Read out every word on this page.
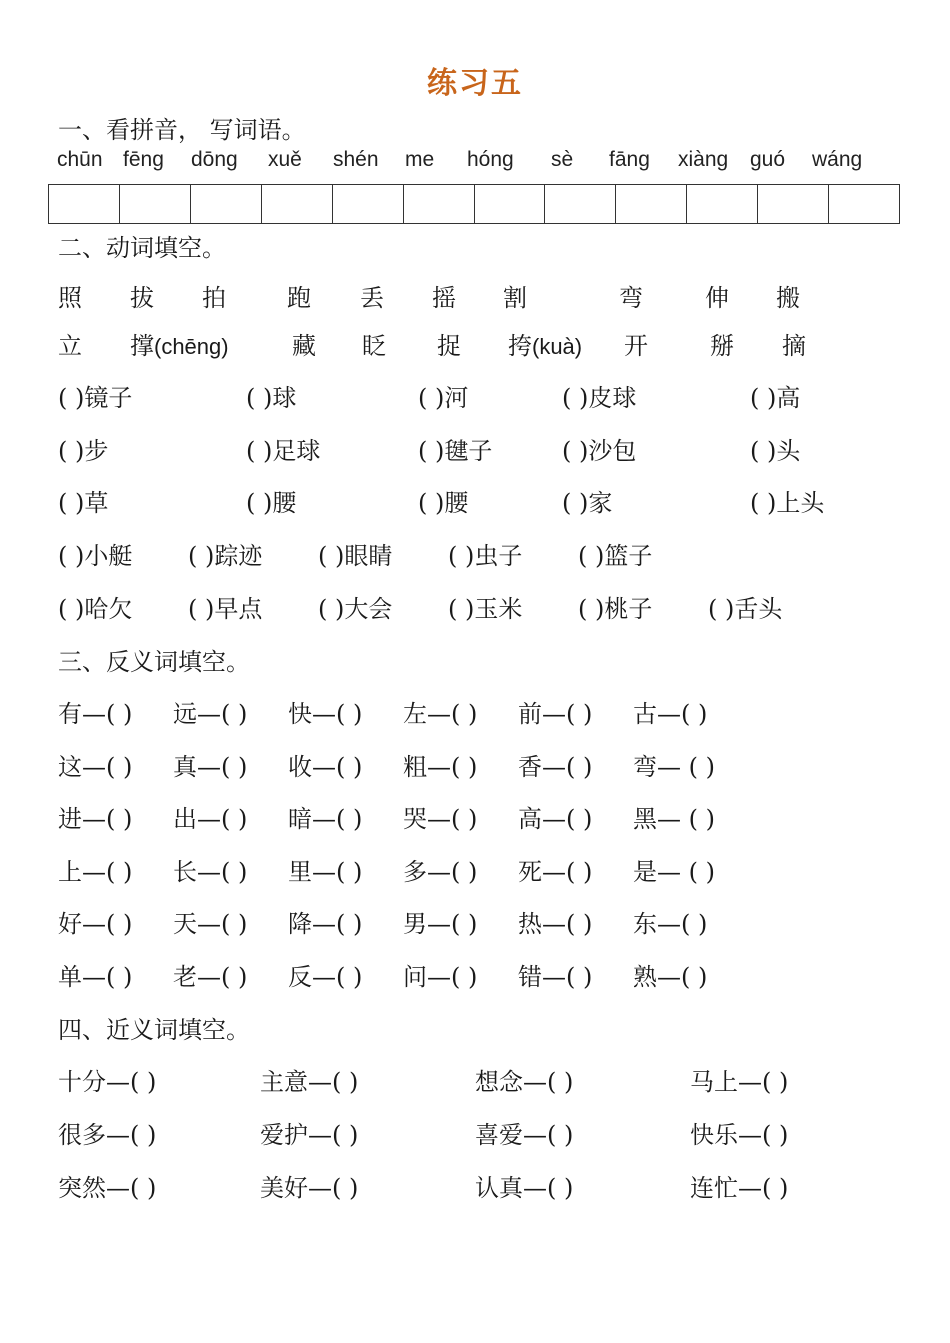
练习五
一、看拼音， 写词语。
chūn fēng dōng xuě shén me hóng sè fāng xiàng guó wáng
二、动词填空。
照 拔 拍	跑 丢 摇 割	弯	伸 搬
立 撑(chēng)	藏 眨 捉 挎(kuà) 开	掰 摘
( )镜子	( )球	( )河	( )皮球	( )高
( )步	( )足球	( )毽子	( )沙包	( )头
( )草	( )腰	( )腰	( )家	( )上头
( )小艇 ( )踪迹 ( )眼睛 ( )虫子 ( )篮子
( )哈欠 ( )早点 ( )大会 ( )玉米 ( )桃子 ( )舌头
三、反义词填空。
有—( ) 远—( ) 快—( ) 左—( ) 前—( ) 古—( )
这—( ) 真—( ) 收—( ) 粗—( ) 香—( ) 弯— ( )
进—( ) 出—( ) 暗—( ) 哭—( ) 高—( ) 黑— ( )
上—( ) 长—( ) 里—( ) 多—( ) 死—( ) 是— ( )
好—( ) 天—( ) 降—( ) 男—( ) 热—( ) 东—( )
单—( ) 老—( ) 反—( ) 问—( ) 错—( ) 熟—( )
四、近义词填空。
十分—( )	主意—( )	想念—( )	马上—( )
很多—( )	爱护—( )	喜爱—( )	快乐—( )
突然—( )	美好—( )	认真—( )	连忙—( )
